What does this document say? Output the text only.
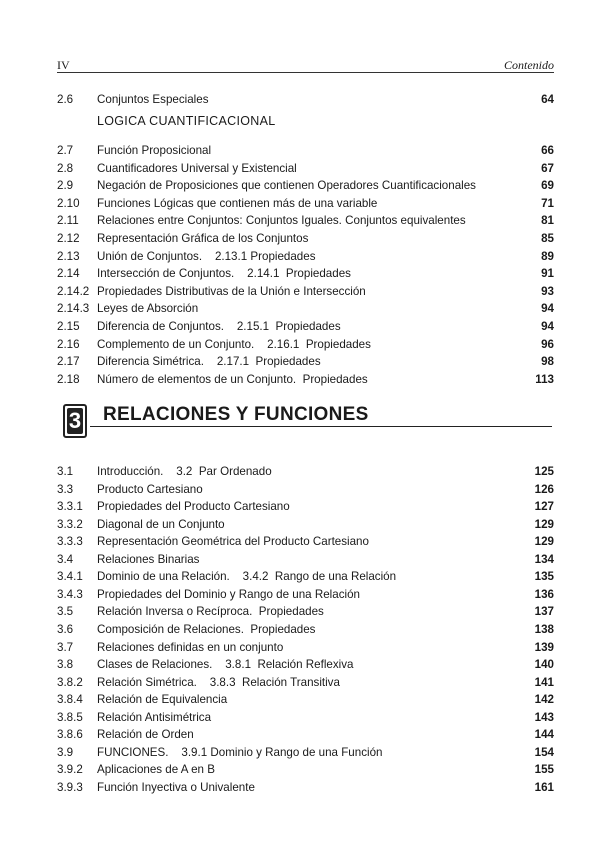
IV	Contenido
LOGICA CUANTIFICACIONAL
3 RELACIONES Y FUNCIONES
2.6 Conjuntos Especiales	64
2.7 Función Proposicional	66
2.8 Cuantificadores Universal y Existencial	67
2.9 Negación de Proposiciones que contienen Operadores Cuantificacionales	69
2.10 Funciones Lógicas que contienen más de una variable	71
2.11 Relaciones entre Conjuntos: Conjuntos Iguales. Conjuntos equivalentes	81
2.12 Representación Gráfica de los Conjuntos	85
2.13 Unión de Conjuntos.    2.13.1 Propiedades	89
2.14 Intersección de Conjuntos.    2.14.1  Propiedades	91
2.14.2 Propiedades Distributivas de la Unión e Intersección	93
2.14.3 Leyes de Absorción	94
2.15 Diferencia de Conjuntos.    2.15.1  Propiedades	94
2.16 Complemento de un Conjunto.    2.16.1  Propiedades	96
2.17 Diferencia Simétrica.    2.17.1  Propiedades	98
2.18 Número de elementos de un Conjunto.  Propiedades	113
3.1 Introducción.    3.2  Par Ordenado	125
3.3 Producto Cartesiano	126
3.3.1 Propiedades del Producto Cartesiano	127
3.3.2 Diagonal de un Conjunto	129
3.3.3 Representación Geométrica del Producto Cartesiano	129
3.4 Relaciones Binarias	134
3.4.1 Dominio de una Relación.    3.4.2  Rango de una Relación	135
3.4.3 Propiedades del Dominio y Rango de una Relación	136
3.5 Relación Inversa o Recíproca.  Propiedades	137
3.6 Composición de Relaciones.  Propiedades	138
3.7 Relaciones definidas en un conjunto	139
3.8 Clases de Relaciones.    3.8.1  Relación Reflexiva	140
3.8.2 Relación Simétrica.    3.8.3  Relación Transitiva	141
3.8.4 Relación de Equivalencia	142
3.8.5 Relación Antisimétrica	143
3.8.6 Relación de Orden	144
3.9 FUNCIONES.    3.9.1 Dominio y Rango de una Función	154
3.9.2 Aplicaciones de A en B	155
3.9.3 Función Inyectiva o Univalente	161
